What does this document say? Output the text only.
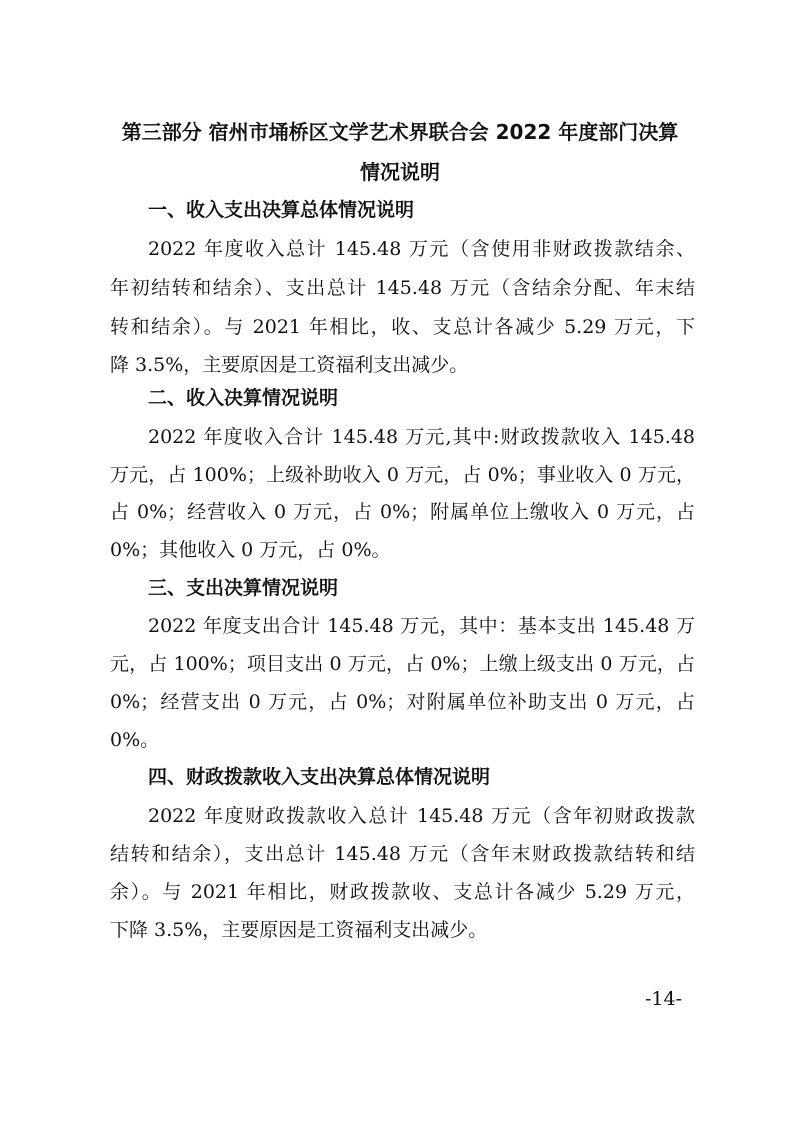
第三部分 宿州市埇桥区文学艺术界联合会 2022 年度部门决算
情况说明
一、收入支出决算总体情况说明
2022 年度收入总计 145.48 万元（含使用非财政拨款结余、
年初结转和结余）、支出总计 145.48 万元（含结余分配、年末结
转和结余）。与 2021 年相比，收、支总计各减少 5.29 万元，下
降 3.5%，主要原因是工资福利支出减少。
二、收入决算情况说明
2022 年度收入合计 145.48 万元,其中:财政拨款收入 145.48
万元，占 100%；上级补助收入 0 万元，占 0%；事业收入 0 万元，
占 0%；经营收入 0 万元，占 0%；附属单位上缴收入 0 万元，占
0%；其他收入 0 万元，占 0%。
三、支出决算情况说明
2022 年度支出合计 145.48 万元，其中：基本支出 145.48 万
元，占 100%；项目支出 0 万元，占 0%；上缴上级支出 0 万元，占
0%；经营支出 0 万元，占 0%；对附属单位补助支出 0 万元，占
0%。
四、财政拨款收入支出决算总体情况说明
2022 年度财政拨款收入总计 145.48 万元（含年初财政拨款
结转和结余），支出总计 145.48 万元（含年末财政拨款结转和结
余）。与 2021 年相比，财政拨款收、支总计各减少 5.29 万元，
下降 3.5%，主要原因是工资福利支出减少。
-14-
